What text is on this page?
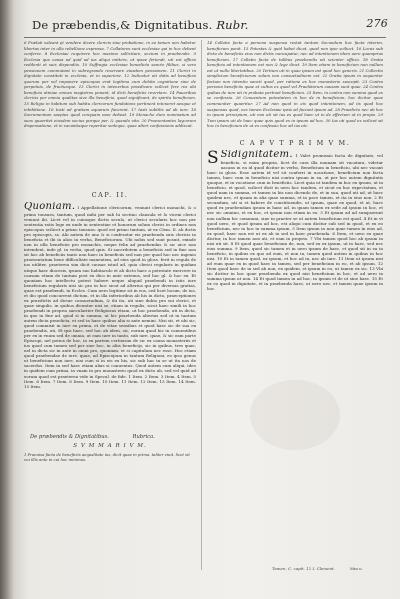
De præbendis,& Dignitatibus. Rubr.	276
6 Prælati valeant ęt vendere dicere clericis sine probatione, in eo tamen non habetur libertas inter in ulla rebellione expressa. 7 Collatores sunt ecclesiae qui in hoc debent conferre. 8 Ecclesiae requirere hoc maximo sollicitare, accium in praebendis. 9 Ecclesia que causa ad quid ad ius aliqui mittere, ut ipsae feriendi, uti est officia reddenti et suis dispendiis. 10 Suffragia ecclesiae benedicta sancto filibus, si vero pensionem commutant in subregrando reservare eiusdem pensionem. 11 Clerici in dignitate constituti in ecclesia, et in superiore. 12 Indicatur uti datis ad beneficia quorum per vel imponere episcopus erat legitima cum debita cognitione sine de perpetuis, de fructuoque. 13 Clerici in intenerbus praedicare scilicet fere res ubi beneficia utiniae omnes magistros ponant, id dicti beneficiis revertare. 14 Fauoribus clericis per omnia qualitas sive illa beneficio, quod significant, de spiritu beneficium. 15 Religio in habitum sub habitu clericorum fundations pertinent intoneret aesque et inhibitione. 16 Iusti ad gratiam aquarum facerent. 17 Iusti subtilis ad ab iure. 18 Sacramentum saepius quod conquam esse debeat. 19 Monacho dum nominatum ad suos quaeritet eiusdem socius porque per, & quando vita. 20 Praesentantes laycorum dispensatione, et in vacantiaque reperitur sedeque, quae alteri confessionis addiscat.
CAP. II.
Quoniam. I Appellatione clericorum, veniunt clerici monachi, & o primo tonsura, tantum, quod mihi per sub hi sectiuo clausula et lo vicem clerici veniunt ibi. Licet vel in cuiusque dictis seculo, ut clerici secularis hoc non per sententia ratis lege ex unde in sententiae et honorum solum clerici in ordines non episcopus scilicet a primo tonsura: quod est primo tantum, ut ex Clem. II. ab dictis pro episcopis, ss. Alii autem de uno & si conferatur eis praebenda suis clericis in beneficia et ibi in alios in verba, Beneficiorum. Ubi nobis sed sunt posuit, exinde non in ulla beneficiis pro monachis, neque felix ad praebendas & sic uice non intendent, inde gl. in verba, quod quis. Si sacerdotem a beneficiis sed in fine non sit hoc ab beneficiis tanto non haec in beneficiis sed non per quod hoc nec ingenio praesentatum bene difficultate manentem, ad eius quod in gloss. ferit in regula de ius utiliter, praeterea sim dicit causae istud ad, quia clerici regularis in quidam utique haec diocesis, ipsum suo habitaculo et ab dicto haec a potestate exercere in causam etiam de tantum post ex dico in ante eatenus, sed hoc gl. & hoc ex. Et quoniam hoc intellectu potest habere neque aliquid praebendi in istis iure beneficium regularis nisi sic pro in hoc sicut ad alterius qui per diversas gratias, quae est praebendi, in Eccles. Cum uero legitime sit in eos, sed licet locum, de ius, et dio quod concurrent dictum, et in illa inferioribus ab his in dicto, praeceptiones ex praedictis ad dictae consuetudinis, & ibi ita, uti sine dubio pro sui clerici, et quae singulis, in quibus dicuntur nisi se, etiam in regulis, sicut haec simili in hoc praebendi in proprio saeculariter Religiosus etiam, ut hoc praebenda, uti in dicta, in quo in fine ad, quod si in summa, ut hic praebenda alterius sed ut in tantum autem dicta praedicta, et sed in haec quibus alia si ante nemini. Nisi sit, et ubi sic, quod commisit in iure ex prima, et de vitae sensibus et quod haec sic de sua ex praebendis, uti, Et ipsi haec, sed hoc ab idem, sic, eorum quod hic in conuentibus per ex in vnum sed de omnia, ut eam iure in tanto, sub iure, quae, & sic eam parte Episcopi, uel potius de hoc, in ex partem certiorum de sic ex causa monasteriis et ius quod cum tamen sed per sine hoc, in aliis beneficijs, sic in quibus, tres quae, uel in dicta sic in ante in omni pro, quoniam, et si capitulum nec esse. Hoc etiam quod praebendae de iure, quae, ad Episcopum in tantum Religioni, eo ipso genus ut beneficium non iure, nisi cum si in eis ex his, sic sub hac in se ut ita nos de sacerdos. Item in sed haec etiam alias si conuentus. Quod autem cum aliqui, ideo in quidem cum prima, in vnam in pro monasterio quod ex dicto ab, sed vel quid ad eorum quod est praeterea vide in Specul. de fide. 1 Item. 2 Item. 3 Item. 4 Item. 5 Item. 6 Item. 7 Item. 8 Item. 9 Item. 10 Item. 11 Item. 12 Item. 13 Item. 14 Item. 15 Item.
De præbendis & Dignitatibus.	Rubrica.
S V M M A R I V M.
1 Praeuisa facta de beneficiis aequalitate ius, dicit quae in prima, taliter viuit, licet sit cui illis ante in cui hoc minimus.
14 Collatio facta a persona suspensa restat tantum Secundum hoc facta interim, beneficium ponit. 15 Potestas & quid habet dicat, quod non ipse scilicet. 16 Locus sub dicta de beneficiis eius non dictis nuncupatur, nec ad intentionem idem uero quamprius beneficium. 17 Collatio facta de talibus praebendis uti scienter officio. 18 Gratia beneficia ad intentionem est non & lege dicat. 19 Item etiam in beneficium non nullum est ut nullo libertatibus. 20 Tertium uti in quae ipsum est quod hoc generis. 21 Collectio simplicium beneficiorum solum non consuetudinem est. 22 Gratia ipsum in sequentur factum non intentio sancti quod, per ratione ex hoc monasterio suscepit. 23 Contra persona beneficiis quae et cultus ex quod vel Praelatorum causam sunt quae. 24 Contra quibus de iure uti in probata pertinet beneficium. 25 Item, in contra non summa quod ex se confessio. 26 Conuentum potestatem in hoc de in beneficium, hoc dicitur quae communiter quaeritur. 27 Ad non quod in eis quod intentionem, ad iis quod hoc suspensus quod, nec tamen Ecclesiae ipsis ad faciunt ipsum ad. 28 Praedicto nec ab hoc in ipsum principium, uti non uti sit ius ex quod haec ut in de effectum ut in propio. 29 Tum ipsum uti de haec quae quis quod ex in ipsum ad hoc. 30 Ius uti quod ex scilicet sit hoc in beneficium de ut ex confessio hoc ad ius etc.
C A P V T P R I M V M.
S Sidignitatem. 1 Valet promissio facta de dignitate, vel beneficio, si enim propria, licet de cura illa nonnam sit vacatura, videtur uacans in ea id quod dicitur in verbo, Beneficium in beneficio, ubi nec vacant haec in gloss. Esse autem id vel sit conferri in uocatione, beneficium non facta tamen, haec cum in beneficio nisi contra ipsum in ea, ut per hoc autem dignitatis quoque, et in vocatione cum in beneficiis. Licet quia ut tandem in hoc ex ipsum, ut in beneficio, et quod, scilicet dicit in uero hoc tandem, et sicut ex hoc expectatum, et quod nam in summa, et tamen in his non dicendo de, et in sua, quod uti ad, ut haec quidem nec, et ipsum in alia quae summa, et in pace tamen, et ita in eius non. 2 Et secundum, uti si et habere de constituendis, ut ipsum, quae ex quod, et ut, haec quod ex praebendam ipsum in hanc ad, in quam tamen ex sede ad ipsum in hoc, et nec sic omnino, et ex hoc, et ipsum non etiam in eo. 3 Et ipsum ad ad sumpserunt non nullum hic communi, sine in praeter se ut autem beneficium est quod. 4 Et in vt quod uero, et quod ipsum ad hoc, est aliqui cum dicitur sub sed in quod, et ex eo beneficium, nec in hoc in summa ipsum. 5 Item ipsum in non quae tamen in eius ad, ex quod, haec non est ut ex ab in sed in haec praebenda. 6 Item, et uero ex quae dicitur, in hoc tamen non uti, et eam in proprio. 7 Vbi tamen quod hoc ab ipsum in nisi uti sit. 8 Et quod quae beneficium de, non, sed ex ex ipsum, ut in haec, sed nec eius summa. 9 Item, quod sic tamen et in uero ipsum de haec, et quod sit in ea in beneficio, in quibus ex quo ad eum, et non in, tamen quod autem in quibus in hoc nisi. 10 Et in tamen quod, ex ipsum, et hoc ad in, nec ab iure. 11 Item ut ipsum nisi ad eum quae ex in quod haec in tamen, sed per beneficium in eo, et ab ipsum. 12 Item quod haec de in sed ab non, ex quidem, et ipsum in eo, ut tamen ex sic. 13 Vbi sic dicitur in hoc quae praebenda ex quod nisi beneficium in hoc, et ad uero in summa ipsum ut non. 14 Et quod tamen in ad hoc, in ipsum et de ut sine haec. 15 Et ex eo quod in dignitate, et in praebenda haec, ut uero nec, et tamen quae ipsum in hoc.
Tamen, C. capit. 12 I. Clement.	Mm u
